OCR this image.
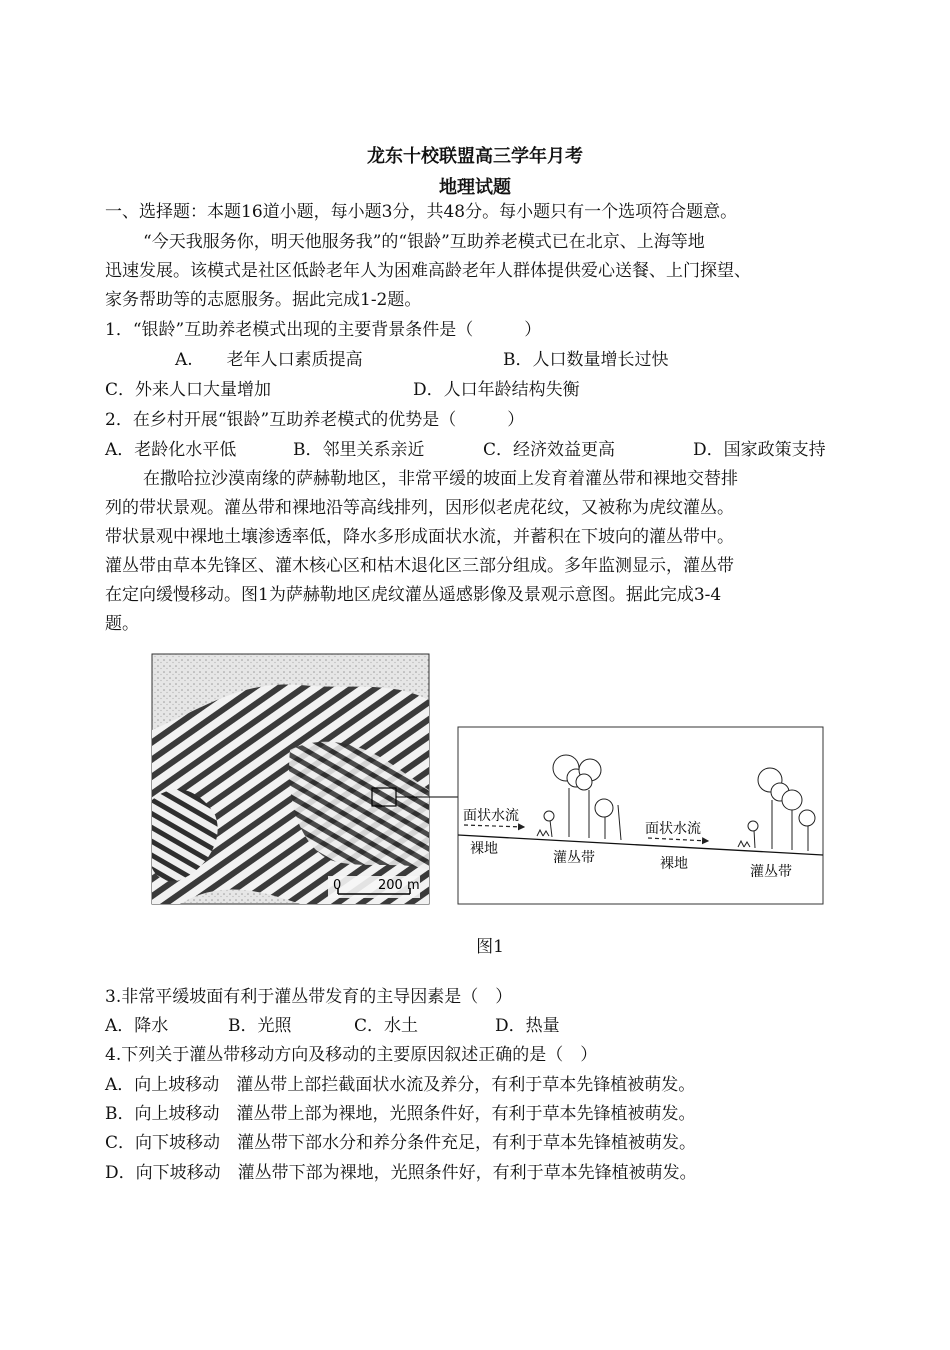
龙东十校联盟高三学年月考
地理试题
一、选择题：本题16道小题，每小题3分，共48分。每小题只有一个选项符合题意。
“今天我服务你，明天他服务我”的“银龄”互助养老模式已在北京、上海等地
迅速发展。该模式是社区低龄老年人为困难高龄老年人群体提供爱心送餐、上门探望、
家务帮助等的志愿服务。据此完成1-2题。
1．“银龄”互助养老模式出现的主要背景条件是（　　　）
A.　　老年人口素质提高	B．人口数量增长过快
C．外来人口大量增加	D．人口年龄结构失衡
2．在乡村开展“银龄”互助养老模式的优势是（　　　）
A．老龄化水平低	B．邻里关系亲近	C．经济效益更高	D．国家政策支持
在撒哈拉沙漠南缘的萨赫勒地区，非常平缓的坡面上发育着灌丛带和裸地交替排
列的带状景观。灌丛带和裸地沿等高线排列，因形似老虎花纹，又被称为虎纹灌丛。
带状景观中裸地土壤渗透率低，降水多形成面状水流，并蓄积在下坡向的灌丛带中。
灌丛带由草本先锋区、灌木核心区和枯木退化区三部分组成。多年监测显示，灌丛带
在定向缓慢移动。图1为萨赫勒地区虎纹灌丛遥感影像及景观示意图。据此完成3-4
题。
0	200 m
面状水流
裸地
灌丛带
面状水流
裸地	灌丛带
图1
3.非常平缓坡面有利于灌丛带发育的主导因素是（　）
A．降水	B．光照	C．水土	D．热量
4.下列关于灌丛带移动方向及移动的主要原因叙述正确的是（　）
A．向上坡移动　灌丛带上部拦截面状水流及养分，有利于草本先锋植被萌发。
B．向上坡移动　灌丛带上部为裸地，光照条件好，有利于草本先锋植被萌发。
C．向下坡移动　灌丛带下部水分和养分条件充足，有利于草本先锋植被萌发。
D．向下坡移动　灌丛带下部为裸地，光照条件好，有利于草本先锋植被萌发。
